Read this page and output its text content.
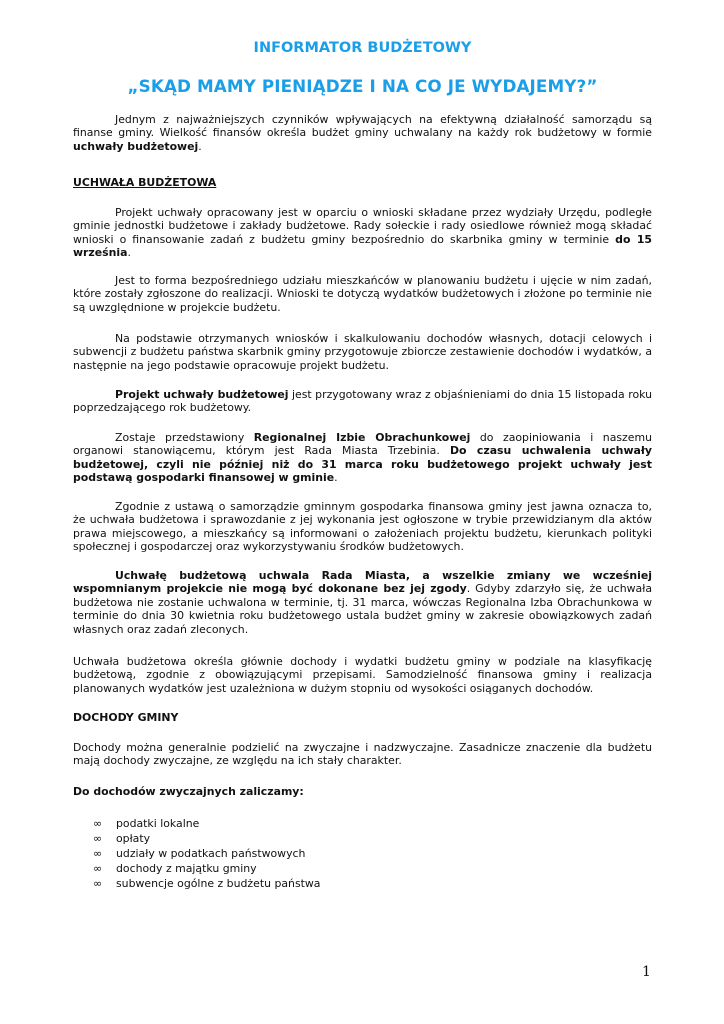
INFORMATOR BUDŻETOWY
„SKĄD MAMY PIENIĄDZE I NA CO JE WYDAJEMY?”

Jednym z najważniejszych czynników wpływających na efektywną działalność samorządu są finanse gminy. Wielkość finansów określa budżet gminy uchwalany na każdy rok budżetowy w formie uchwały budżetowej.

UCHWAŁA BUDŻETOWA

Projekt uchwały opracowany jest w oparciu o wnioski składane przez wydziały Urzędu, podległe gminie jednostki budżetowe i zakłady budżetowe. Rady sołeckie i rady osiedlowe również mogą składać wnioski o finansowanie zadań z budżetu gminy bezpośrednio do skarbnika gminy w terminie do 15 września.

Jest to forma bezpośredniego udziału mieszkańców w planowaniu budżetu i ujęcie w nim zadań, które zostały zgłoszone do realizacji. Wnioski te dotyczą wydatków budżetowych i złożone po terminie nie są uwzględnione w projekcie budżetu.

Na podstawie otrzymanych wniosków i skalkulowaniu dochodów własnych, dotacji celowych i subwencji z budżetu państwa skarbnik gminy przygotowuje zbiorcze zestawienie dochodów i wydatków, a następnie na jego podstawie opracowuje projekt budżetu.

Projekt uchwały budżetowej jest przygotowany wraz z objaśnieniami do dnia 15 listopada roku poprzedzającego rok budżetowy.

Zostaje przedstawiony Regionalnej Izbie Obrachunkowej do zaopiniowania i naszemu organowi stanowiącemu, którym jest Rada Miasta Trzebinia. Do czasu uchwalenia uchwały budżetowej, czyli nie później niż do 31 marca roku budżetowego projekt uchwały jest podstawą gospodarki finansowej w gminie.

Zgodnie z ustawą o samorządzie gminnym gospodarka finansowa gminy jest jawna oznacza to, że uchwała budżetowa i sprawozdanie z jej wykonania jest ogłoszone w trybie przewidzianym dla aktów prawa miejscowego, a mieszkańcy są informowani o założeniach projektu budżetu, kierunkach polityki społecznej i gospodarczej oraz wykorzystywaniu środków budżetowych.

Uchwałę budżetową uchwala Rada Miasta, a wszelkie zmiany we wcześniej wspomnianym projekcie nie mogą być dokonane bez jej zgody. Gdyby zdarzyło się, że uchwała budżetowa nie zostanie uchwalona w terminie, tj. 31 marca, wówczas Regionalna Izba Obrachunkowa w terminie do dnia 30 kwietnia roku budżetowego ustala budżet gminy w zakresie obowiązkowych zadań własnych oraz zadań zleconych.

Uchwała budżetowa określa głównie dochody i wydatki budżetu gminy w podziale na klasyfikację budżetową, zgodnie z obowiązującymi przepisami. Samodzielność finansowa gminy i realizacja planowanych wydatków jest uzależniona w dużym stopniu od wysokości osiąganych dochodów.

DOCHODY GMINY

Dochody można generalnie podzielić na zwyczajne i nadzwyczajne. Zasadnicze znaczenie dla budżetu mają dochody zwyczajne, ze względu na ich stały charakter.

Do dochodów zwyczajnych zaliczamy:
∞ podatki lokalne
∞ opłaty
∞ udziały w podatkach państwowych
∞ dochody z majątku gminy
∞ subwencje ogólne z budżetu państwa
1
